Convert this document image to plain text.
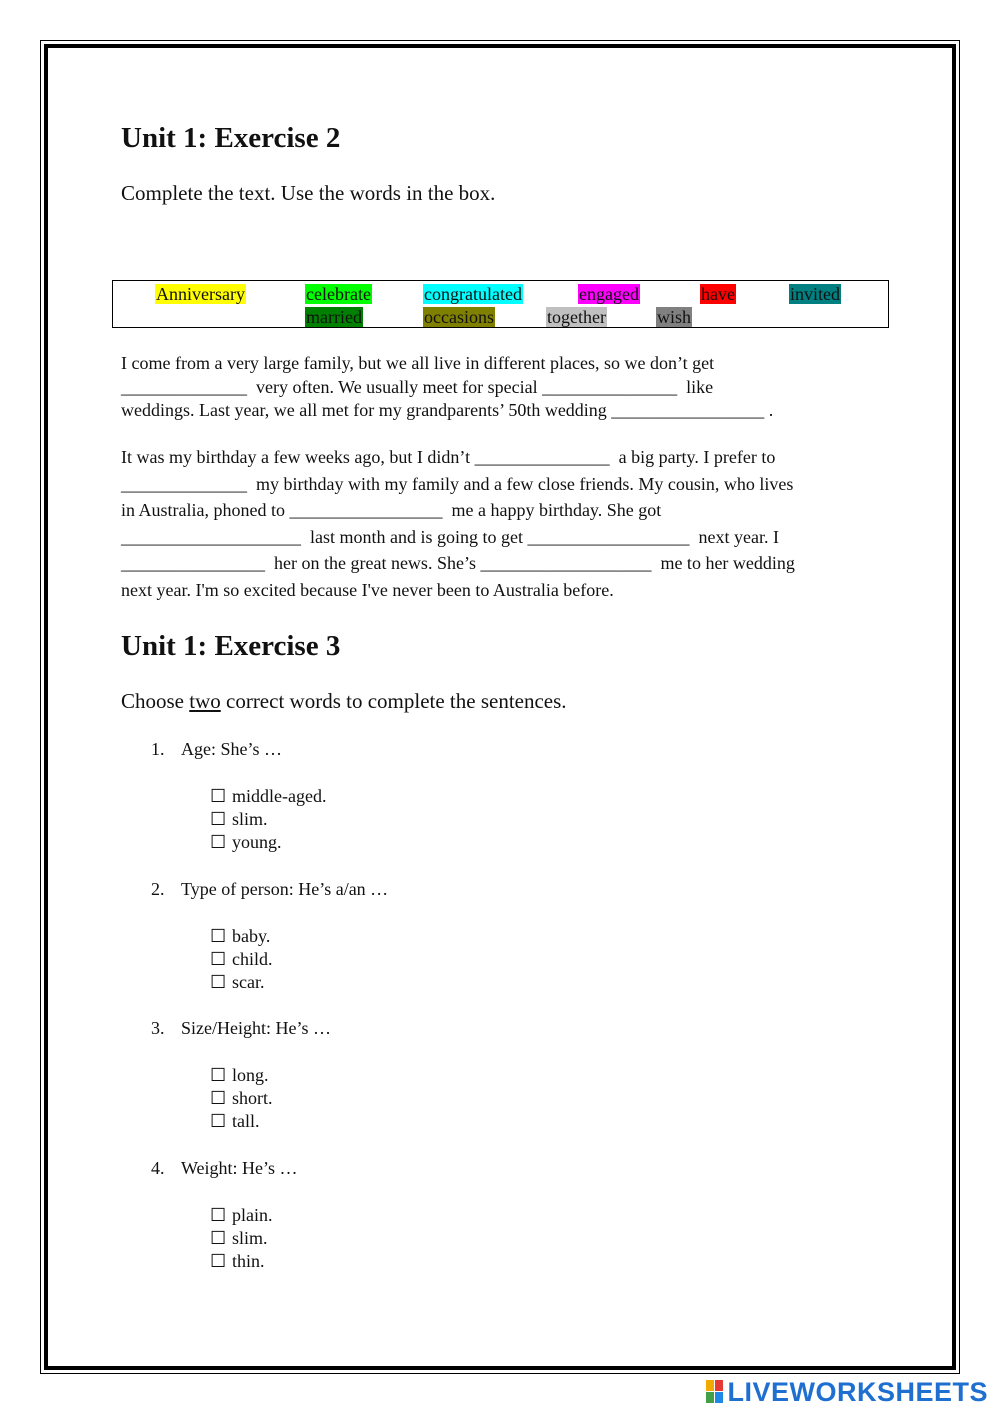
Unit 1: Exercise 2
Complete the text. Use the words in the box.
Anniversary	celebrate	congratulated	engaged	have	invited
married	occasions	together	wish
I come from a very large family, but we all live in different places, so we don’t get
______________  very often. We usually meet for special _______________  like
weddings. Last year, we all met for my grandparents’ 50th wedding _________________ .
It was my birthday a few weeks ago, but I didn’t _______________  a big party. I prefer to
______________  my birthday with my family and a few close friends. My cousin, who lives
in Australia, phoned to _________________  me a happy birthday. She got
____________________  last month and is going to get __________________  next year. I
________________  her on the great news. She’s ___________________  me to her wedding
next year. I'm so excited because I've never been to Australia before.
Unit 1: Exercise 3
Choose two correct words to complete the sentences.
1. Age: She’s …
☐ middle-aged.
☐ slim.
☐ young.
2. Type of person: He’s a/an …
☐ baby.
☐ child.
☐ scar.
3. Size/Height: He’s …
☐ long.
☐ short.
☐ tall.
4. Weight: He’s …
☐ plain.
☐ slim.
☐ thin.
LIVEWORKSHEETS
